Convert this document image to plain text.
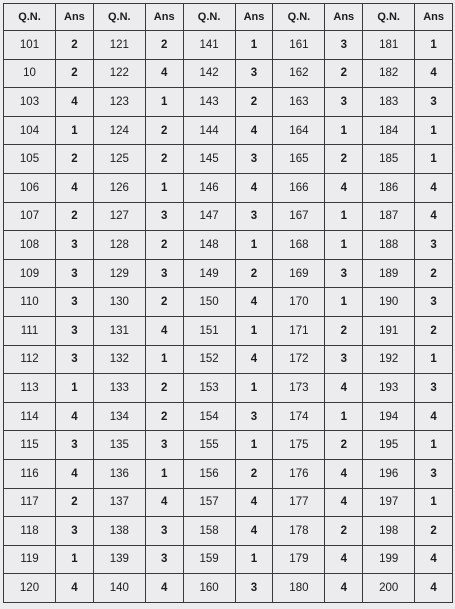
Q.N.	Ans	Q.N.	Ans	Q.N.	Ans	Q.N.	Ans	Q.N.	Ans
101	2	121	2	141	1	161	3	181	1
10	2	122	4	142	3	162	2	182	4
103	4	123	1	143	2	163	3	183	3
104	1	124	2	144	4	164	1	184	1
105	2	125	2	145	3	165	2	185	1
106	4	126	1	146	4	166	4	186	4
107	2	127	3	147	3	167	1	187	4
108	3	128	2	148	1	168	1	188	3
109	3	129	3	149	2	169	3	189	2
110	3	130	2	150	4	170	1	190	3
111	3	131	4	151	1	171	2	191	2
112	3	132	1	152	4	172	3	192	1
113	1	133	2	153	1	173	4	193	3
114	4	134	2	154	3	174	1	194	4
115	3	135	3	155	1	175	2	195	1
116	4	136	1	156	2	176	4	196	3
117	2	137	4	157	4	177	4	197	1
118	3	138	3	158	4	178	2	198	2
119	1	139	3	159	1	179	4	199	4
120	4	140	4	160	3	180	4	200	4
